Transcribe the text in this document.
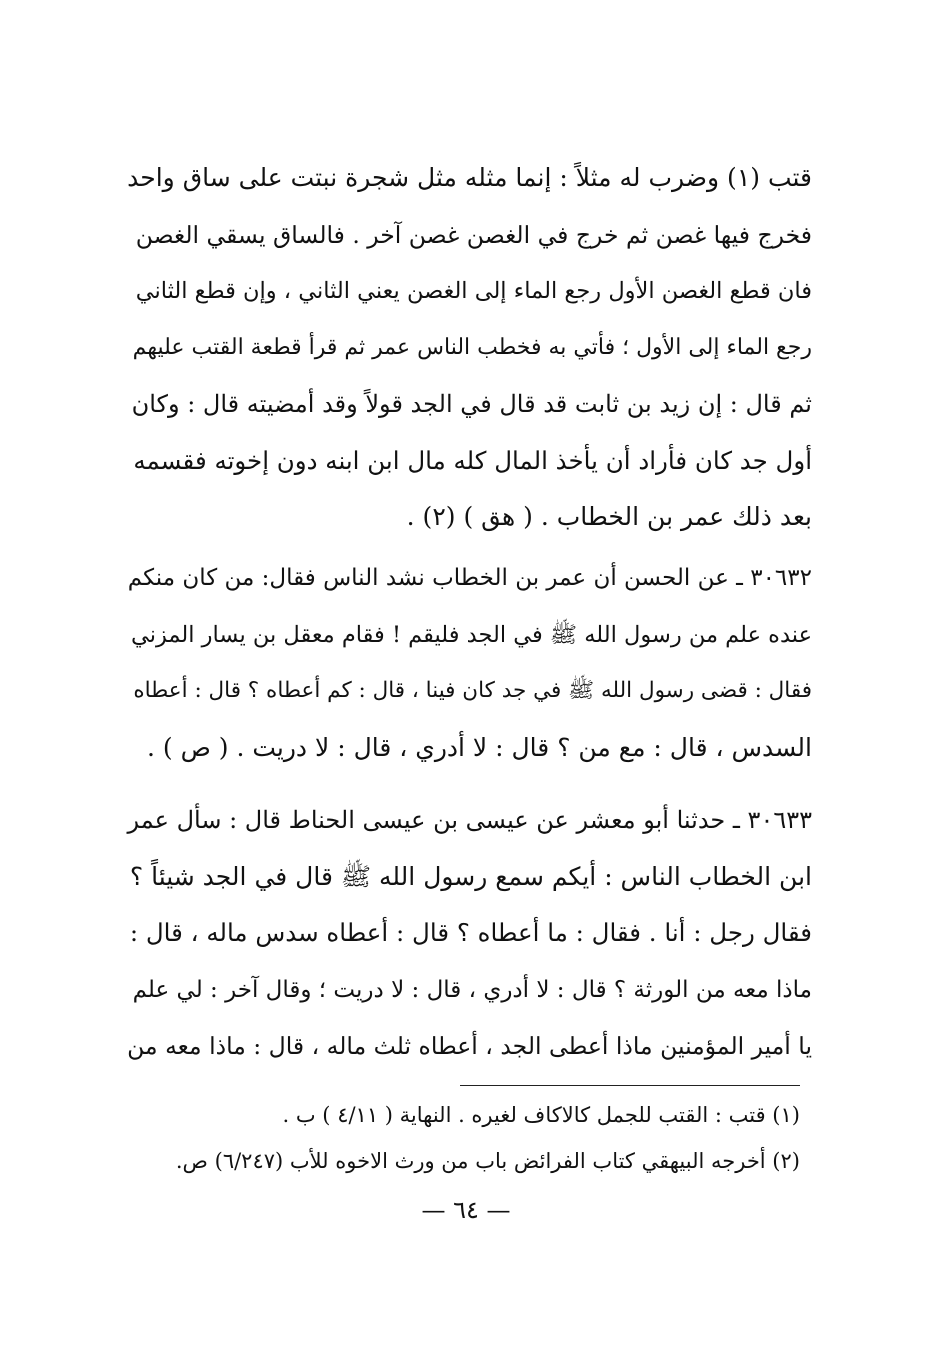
قتب (١) وضرب له مثلاً : إنما مثله مثل شجرة نبتت على ساق واحد
فخرج فيها غصن ثم خرج في الغصن غصن آخر . فالساق يسقي الغصن
فان قطع الغصن الأول رجع الماء إلى الغصن يعني الثاني ، وإن قطع الثاني
رجع الماء إلى الأول ؛ فأتي به فخطب الناس عمر ثم قرأ قطعة القتب عليهم
ثم قال : إن زيد بن ثابت قد قال في الجد قولاً وقد أمضيته قال : وكان
أول جد كان فأراد أن يأخذ المال كله مال ابن ابنه دون إخوته فقسمه
بعد ذلك عمر بن الخطاب . ( هق ) (٢) .
٣٠٦٣٢ ـ عن الحسن أن عمر بن الخطاب نشد الناس فقال: من كان منكم
عنده علم من رسول الله ﷺ في الجد فليقم ! فقام معقل بن يسار المزني
فقال : قضى رسول الله ﷺ في جد كان فينا ، قال : كم أعطاه ؟ قال : أعطاه
السدس ، قال : مع من ؟ قال : لا أدري ، قال : لا دريت . ( ص ) .
٣٠٦٣٣ ـ حدثنا أبو معشر عن عيسى بن عيسى الحناط قال : سأل عمر
ابن الخطاب الناس : أيكم سمع رسول الله ﷺ قال في الجد شيئاً ؟
فقال رجل : أنا . فقال : ما أعطاه ؟ قال : أعطاه سدس ماله ، قال :
ماذا معه من الورثة ؟ قال : لا أدري ، قال : لا دريت ؛ وقال آخر : لي علم
يا أمير المؤمنين ماذا أعطى الجد ، أعطاه ثلث ماله ، قال : ماذا معه من
(١) قتب : القتب للجمل كالاكاف لغيره . النهاية ( ٤/١١ ) ب .
(٢) أخرجه البيهقي كتاب الفرائض باب من ورث الاخوه للأب (٦/٢٤٧) ص.
— ٦٤ —
